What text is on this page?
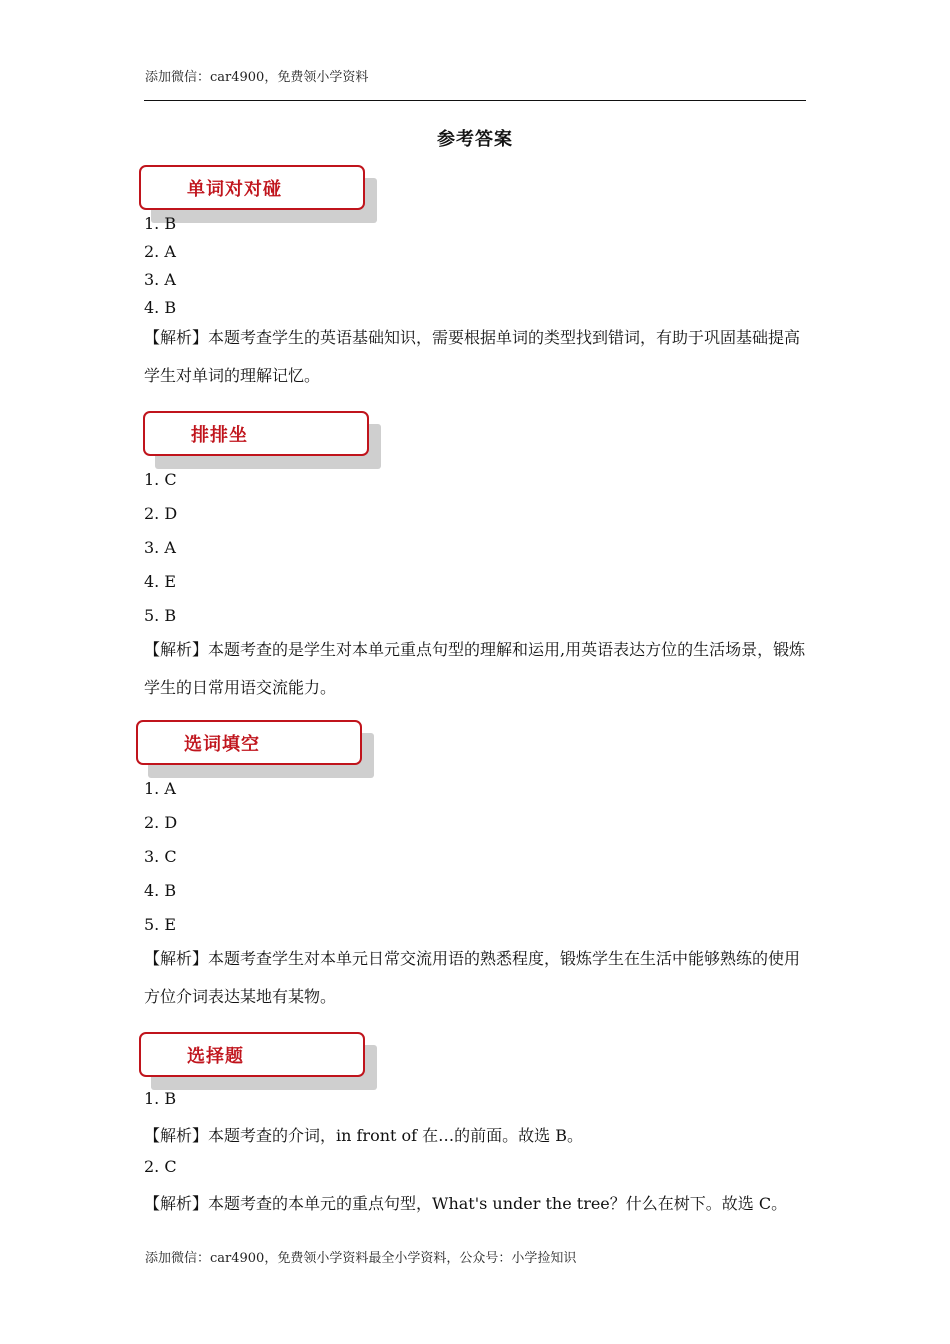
添加微信：car4900，免费领小学资料
参考答案
单词对对碰
1. B
2. A
3. A
4. B
【解析】本题考查学生的英语基础知识，需要根据单词的类型找到错词，有助于巩固基础提高学生对单词的理解记忆。
排排坐
1. C
2. D
3. A
4. E
5. B
【解析】本题考查的是学生对本单元重点句型的理解和运用,用英语表达方位的生活场景，锻炼学生的日常用语交流能力。
选词填空
1. A
2. D
3. C
4. B
5. E
【解析】本题考查学生对本单元日常交流用语的熟悉程度，锻炼学生在生活中能够熟练的使用方位介词表达某地有某物。
选择题
1. B
【解析】本题考查的介词，in front of 在…的前面。故选 B。
2. C
【解析】本题考查的本单元的重点句型，What's under the tree？什么在树下。故选 C。
添加微信：car4900，免费领小学资料最全小学资料，公众号：小学捡知识
